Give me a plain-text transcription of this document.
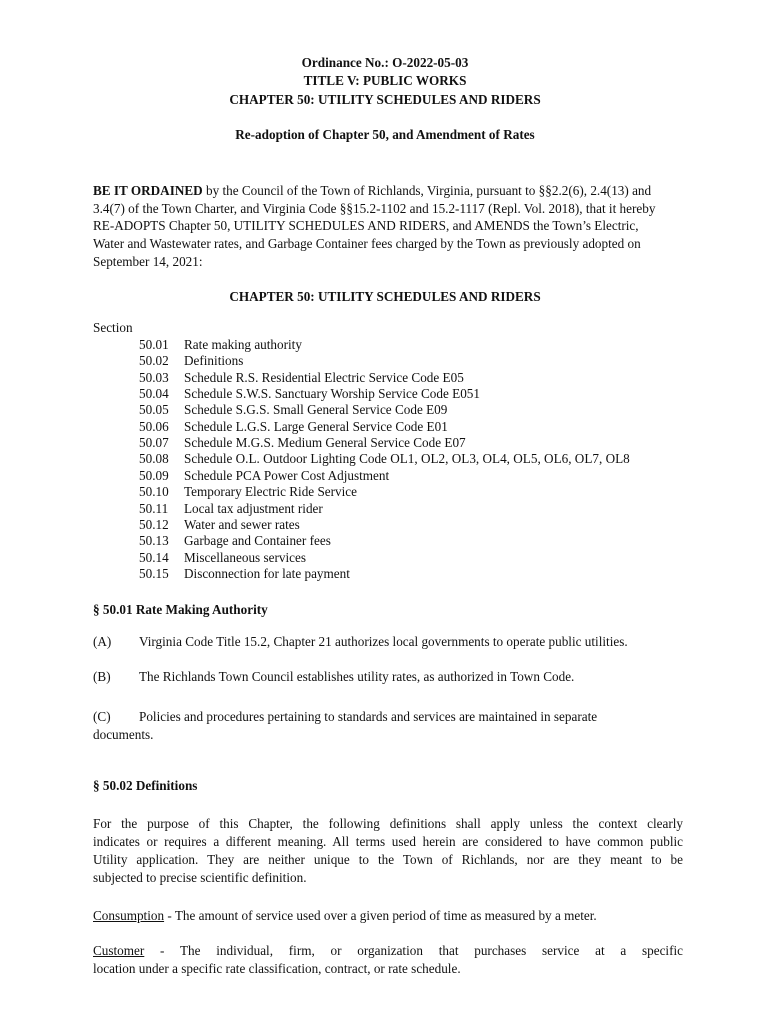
Ordinance No.: O-2022-05-03
TITLE V: PUBLIC WORKS
CHAPTER 50: UTILITY SCHEDULES AND RIDERS
Re-adoption of Chapter 50, and Amendment of Rates
BE IT ORDAINED by the Council of the Town of Richlands, Virginia, pursuant to §§2.2(6), 2.4(13) and
3.4(7) of the Town Charter, and Virginia Code §§15.2-1102 and 15.2-1117 (Repl. Vol. 2018), that it hereby
RE-ADOPTS Chapter 50, UTILITY SCHEDULES AND RIDERS, and AMENDS the Town’s Electric,
Water and Wastewater rates, and Garbage Container fees charged by the Town as previously adopted on
September 14, 2021:
CHAPTER 50: UTILITY SCHEDULES AND RIDERS
Section
50.01 Rate making authority
50.02 Definitions
50.03 Schedule R.S. Residential Electric Service Code E05
50.04 Schedule S.W.S. Sanctuary Worship Service Code E051
50.05 Schedule S.G.S. Small General Service Code E09
50.06 Schedule L.G.S. Large General Service Code E01
50.07 Schedule M.G.S. Medium General Service Code E07
50.08 Schedule O.L. Outdoor Lighting Code OL1, OL2, OL3, OL4, OL5, OL6, OL7, OL8
50.09 Schedule PCA Power Cost Adjustment
50.10 Temporary Electric Ride Service
50.11 Local tax adjustment rider
50.12 Water and sewer rates
50.13 Garbage and Container fees
50.14 Miscellaneous services
50.15 Disconnection for late payment
§ 50.01 Rate Making Authority
(A) Virginia Code Title 15.2, Chapter 21 authorizes local governments to operate public utilities.
(B) The Richlands Town Council establishes utility rates, as authorized in Town Code.
(C) Policies and procedures pertaining to standards and services are maintained in separate
documents.
§ 50.02 Definitions
For the purpose of this Chapter, the following definitions shall apply unless the context clearly
indicates or requires a different meaning. All terms used herein are considered to have common public
Utility application. They are neither unique to the Town of Richlands, nor are they meant to be
subjected to precise scientific definition.
Consumption - The amount of service used over a given period of time as measured by a meter.
Customer - The individual, firm, or organization that purchases service at a specific
location under a specific rate classification, contract, or rate schedule.
